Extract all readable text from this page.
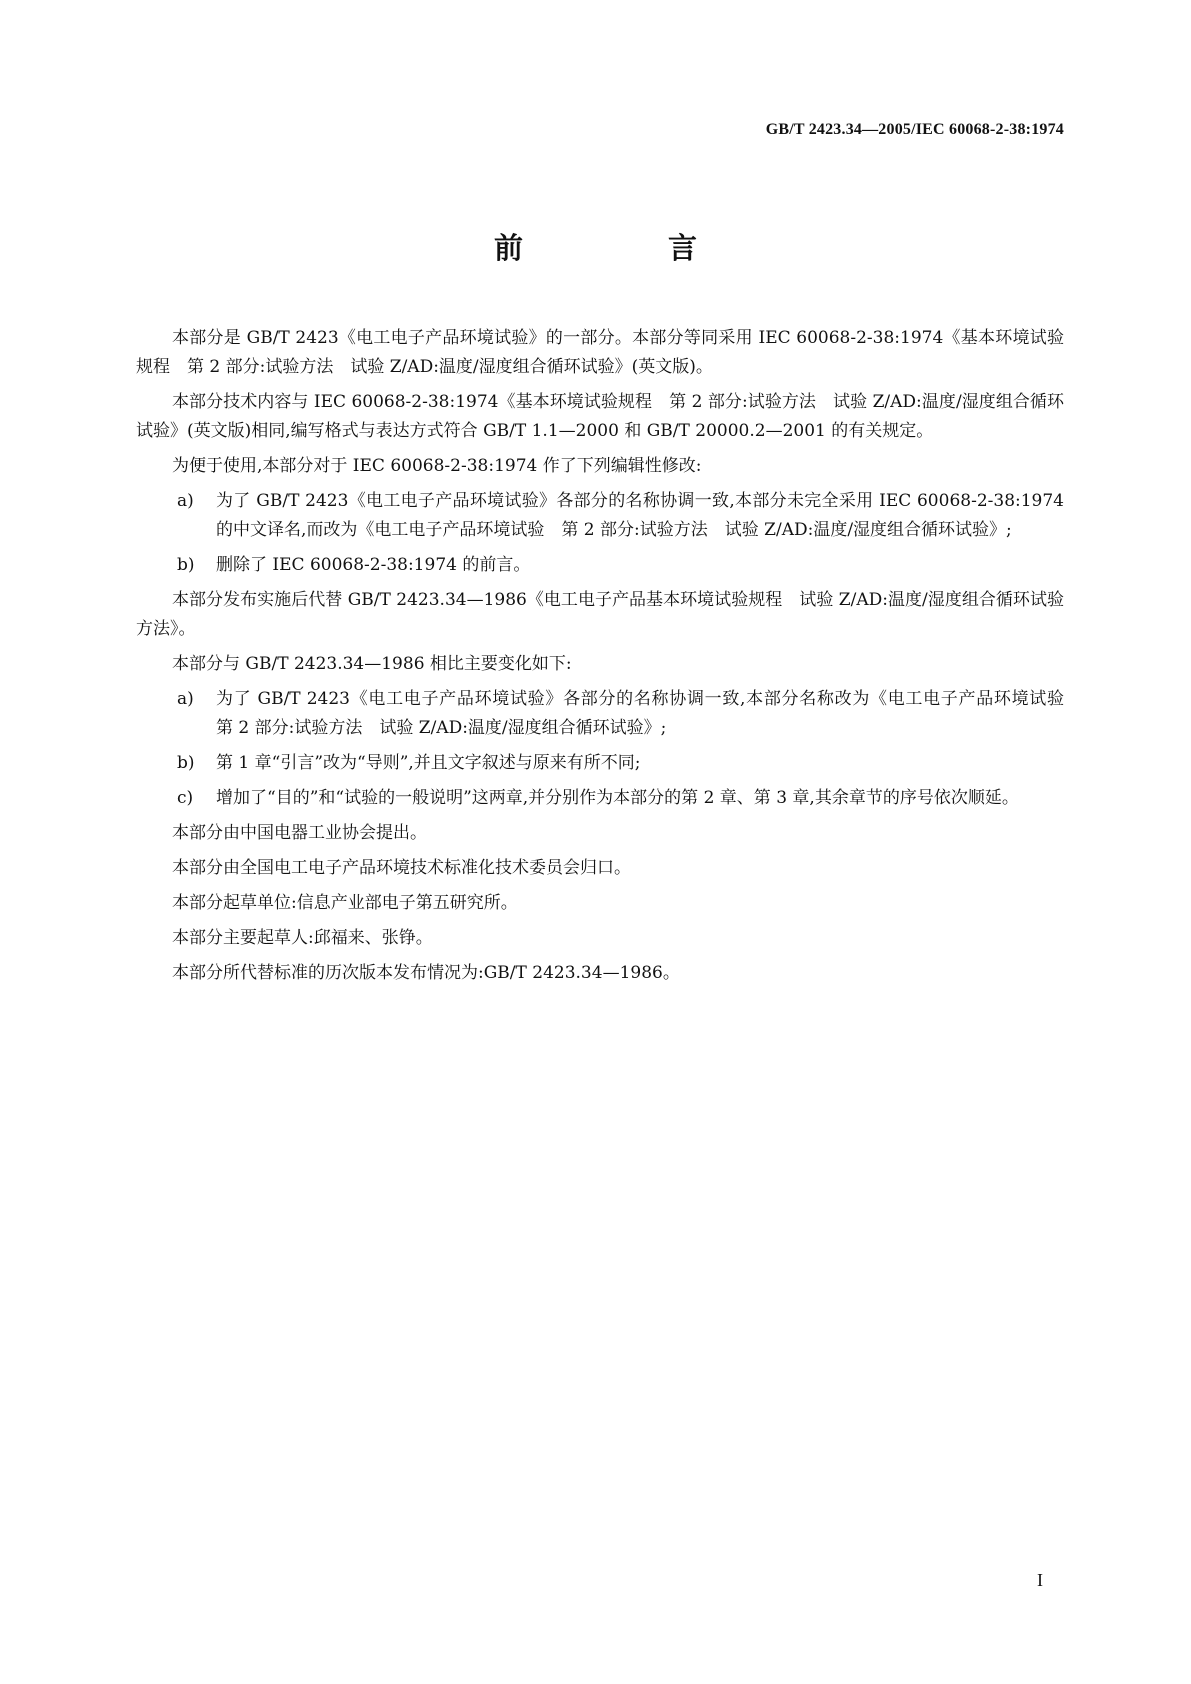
GB/T 2423.34—2005/IEC 60068-2-38:1974
前　言

本部分是 GB/T 2423《电工电子产品环境试验》的一部分。本部分等同采用 IEC 60068-2-38:1974《基本环境试验规程　第 2 部分:试验方法　试验 Z/AD:温度/湿度组合循环试验》(英文版)。

本部分技术内容与 IEC 60068-2-38:1974《基本环境试验规程　第 2 部分:试验方法　试验 Z/AD:温度/湿度组合循环试验》(英文版)相同,编写格式与表达方式符合 GB/T 1.1—2000 和 GB/T 20000.2—2001 的有关规定。

为便于使用,本部分对于 IEC 60068-2-38:1974 作了下列编辑性修改:

a) 为了 GB/T 2423《电工电子产品环境试验》各部分的名称协调一致,本部分未完全采用 IEC 60068-2-38:1974 的中文译名,而改为《电工电子产品环境试验　第 2 部分:试验方法　试验 Z/AD:温度/湿度组合循环试验》;
b) 删除了 IEC 60068-2-38:1974 的前言。

本部分发布实施后代替 GB/T 2423.34—1986《电工电子产品基本环境试验规程　试验 Z/AD:温度/湿度组合循环试验方法》。

本部分与 GB/T 2423.34—1986 相比主要变化如下:

a) 为了 GB/T 2423《电工电子产品环境试验》各部分的名称协调一致,本部分名称改为《电工电子产品环境试验　第 2 部分:试验方法　试验 Z/AD:温度/湿度组合循环试验》;
b) 第 1 章“引言”改为“导则”,并且文字叙述与原来有所不同;
c) 增加了“目的”和“试验的一般说明”这两章,并分别作为本部分的第 2 章、第 3 章,其余章节的序号依次顺延。

本部分由中国电器工业协会提出。

本部分由全国电工电子产品环境技术标准化技术委员会归口。

本部分起草单位:信息产业部电子第五研究所。

本部分主要起草人:邱福来、张铮。

本部分所代替标准的历次版本发布情况为:GB/T 2423.34—1986。

I
